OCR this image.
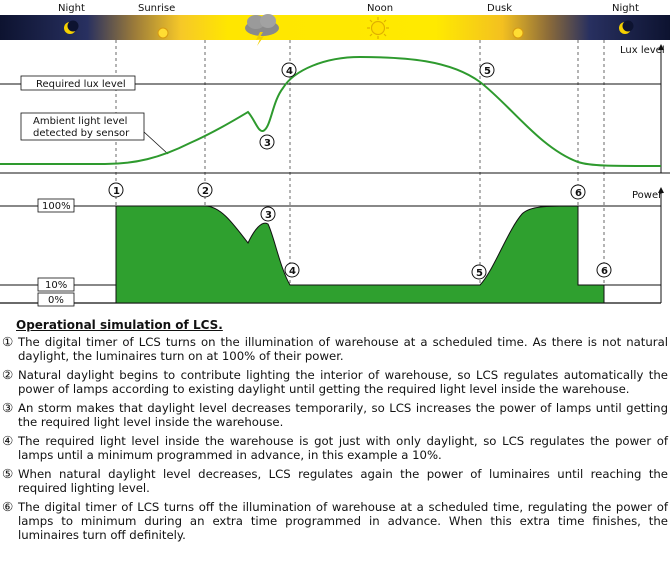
Night	Sunrise	Noon	Dusk	Night
Lux level
Required lux level
Ambient light level
detected by sensor
3
4	5
Power
100%
10%
0%
1	2
3
4	5
6
6
Operational simulation of LCS.
① The digital timer of LCS turns on the illumination of warehouse at a scheduled time. As there is not natural daylight, the luminaires turn on at 100% of their power.
② Natural daylight begins to contribute lighting the interior of warehouse, so LCS regulates automatically the power of lamps according to existing daylight until getting the required light level inside the warehouse.
③ An storm makes that daylight level decreases temporarily, so LCS increases the power of lamps until getting the required light level inside the warehouse.
④ The required light level inside the warehouse is got just with only daylight, so LCS regulates the power of lamps until a minimum programmed in advance, in this example a 10%.
⑤ When natural daylight level decreases, LCS regulates again the power of luminaires until reaching the required lighting level.
⑥ The digital timer of LCS turns off the illumination of warehouse at a scheduled time, regulating the power of lamps to minimum during an extra time programmed in advance. When this extra time finishes, the luminaires turn off definitely.
